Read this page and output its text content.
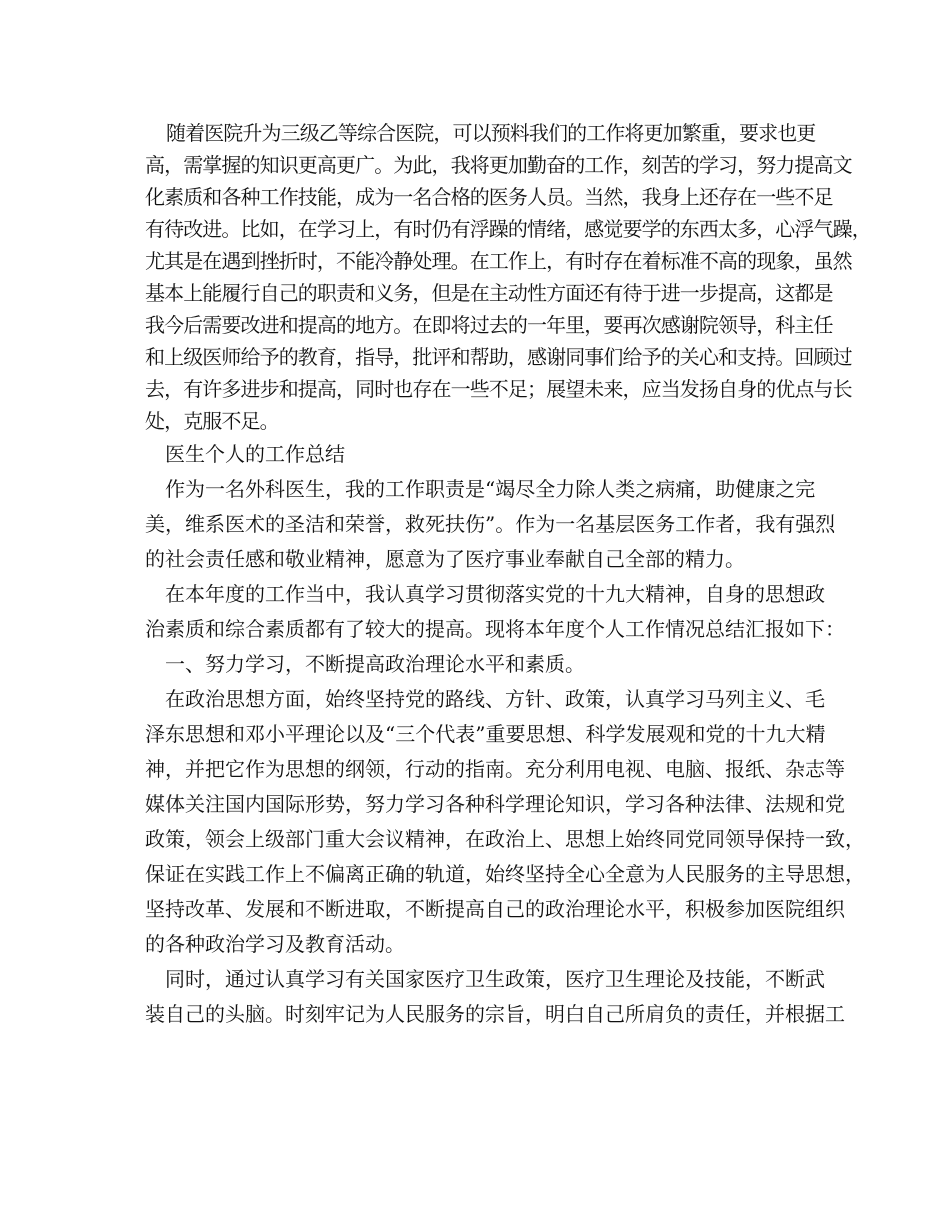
随着医院升为三级乙等综合医院，可以预料我们的工作将更加繁重，要求也更
高，需掌握的知识更高更广。为此，我将更加勤奋的工作，刻苦的学习，努力提高文
化素质和各种工作技能，成为一名合格的医务人员。当然，我身上还存在一些不足
有待改进。比如，在学习上，有时仍有浮躁的情绪，感觉要学的东西太多，心浮气躁，
尤其是在遇到挫折时，不能冷静处理。在工作上，有时存在着标准不高的现象，虽然
基本上能履行自己的职责和义务，但是在主动性方面还有待于进一步提高，这都是
我今后需要改进和提高的地方。在即将过去的一年里，要再次感谢院领导，科主任
和上级医师给予的教育，指导，批评和帮助，感谢同事们给予的关心和支持。回顾过
去，有许多进步和提高，同时也存在一些不足；展望未来，应当发扬自身的优点与长
处，克服不足。
医生个人的工作总结
作为一名外科医生，我的工作职责是“竭尽全力除人类之病痛，助健康之完
美，维系医术的圣洁和荣誉，救死扶伤”。作为一名基层医务工作者，我有强烈
的社会责任感和敬业精神，愿意为了医疗事业奉献自己全部的精力。
在本年度的工作当中，我认真学习贯彻落实党的十九大精神，自身的思想政
治素质和综合素质都有了较大的提高。现将本年度个人工作情况总结汇报如下：
一、努力学习，不断提高政治理论水平和素质。
在政治思想方面，始终坚持党的路线、方针、政策，认真学习马列主义、毛
泽东思想和邓小平理论以及“三个代表”重要思想、科学发展观和党的十九大精
神，并把它作为思想的纲领，行动的指南。充分利用电视、电脑、报纸、杂志等
媒体关注国内国际形势，努力学习各种科学理论知识，学习各种法律、法规和党
政策，领会上级部门重大会议精神，在政治上、思想上始终同党同领导保持一致，
保证在实践工作上不偏离正确的轨道，始终坚持全心全意为人民服务的主导思想，
坚持改革、发展和不断进取，不断提高自己的政治理论水平，积极参加医院组织
的各种政治学习及教育活动。
同时，通过认真学习有关国家医疗卫生政策，医疗卫生理论及技能，不断武
装自己的头脑。时刻牢记为人民服务的宗旨，明白自己所肩负的责任，并根据工
